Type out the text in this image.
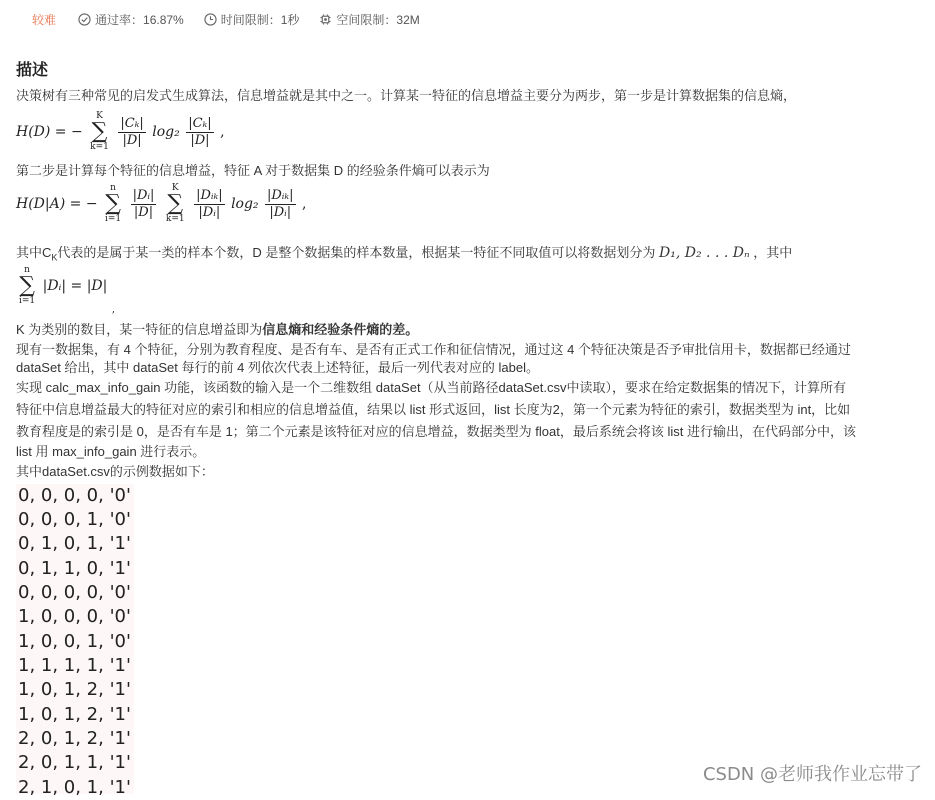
较难	通过率：16.87%	时间限制：1秒	空间限制：32M
描述
决策树有三种常见的启发式生成算法，信息增益就是其中之一。计算某一特征的信息增益主要分为两步，第一步是计算数据集的信息熵，
H(D) = −
K
∑
k=1
$\frac{\text{|Cₖ|}}{|D|} \log_2 \frac{\text{|Cₖ|}}{|D|}$ ,
第二步是计算每个特征的信息增益，特征 A 对于数据集 D 的经验条件熵可以表示为
H(D|A) = −
n
∑
i=1
$\frac{\text{|Dᵢ|}}{|D|}$
	K
∑
k=1
$\frac{\text{|Dᵢₖ|}}{\text{|Dᵢ|}} \log_2 \frac{\text{|Dᵢₖ|}}{\text{|Dᵢ|}}$ ,
其中$C_K$代表的是属于某一类的样本个数，D 是整个数据集的样本数量，根据某一特征不同取值可以将数据划分为 D₁, D₂ . . . Dₙ ，其中
n
∑
i=1
|Dᵢ| = |D| $_,$
K 为类别的数目，某一特征的信息增益即为信息熵和经验条件熵的差。
现有一数据集，有 4 个特征，分别为教育程度、是否有车、是否有正式工作和征信情况，通过这 4 个特征决策是否予审批信用卡，数据都已经通过
dataSet 给出，其中 dataSet 每行的前 4 列依次代表上述特征，最后一列代表对应的 label。
实现 calc_max_info_gain 功能，该函数的输入是一个二维数组 dataSet（从当前路径dataSet.csv中读取），要求在给定数据集的情况下，计算所有
特征中信息增益最大的特征对应的索引和相应的信息增益值，结果以 list 形式返回，list 长度为2，第一个元素为特征的索引，数据类型为 int，比如
教育程度是的索引是 0，是否有车是 1；第二个元素是该特征对应的信息增益，数据类型为 float，最后系统会将该 list 进行输出，在代码部分中，该
list 用 max_info_gain 进行表示。
其中dataSet.csv的示例数据如下：
0, 0, 0, 0, '0'
0, 0, 0, 1, '0'
0, 1, 0, 1, '1'
0, 1, 1, 0, '1'
0, 0, 0, 0, '0'
1, 0, 0, 0, '0'
1, 0, 0, 1, '0'
1, 1, 1, 1, '1'
1, 0, 1, 2, '1'
1, 0, 1, 2, '1'
2, 0, 1, 2, '1'
2, 0, 1, 1, '1'
2, 1, 0, 1, '1'
CSDN @老师我作业忘带了
